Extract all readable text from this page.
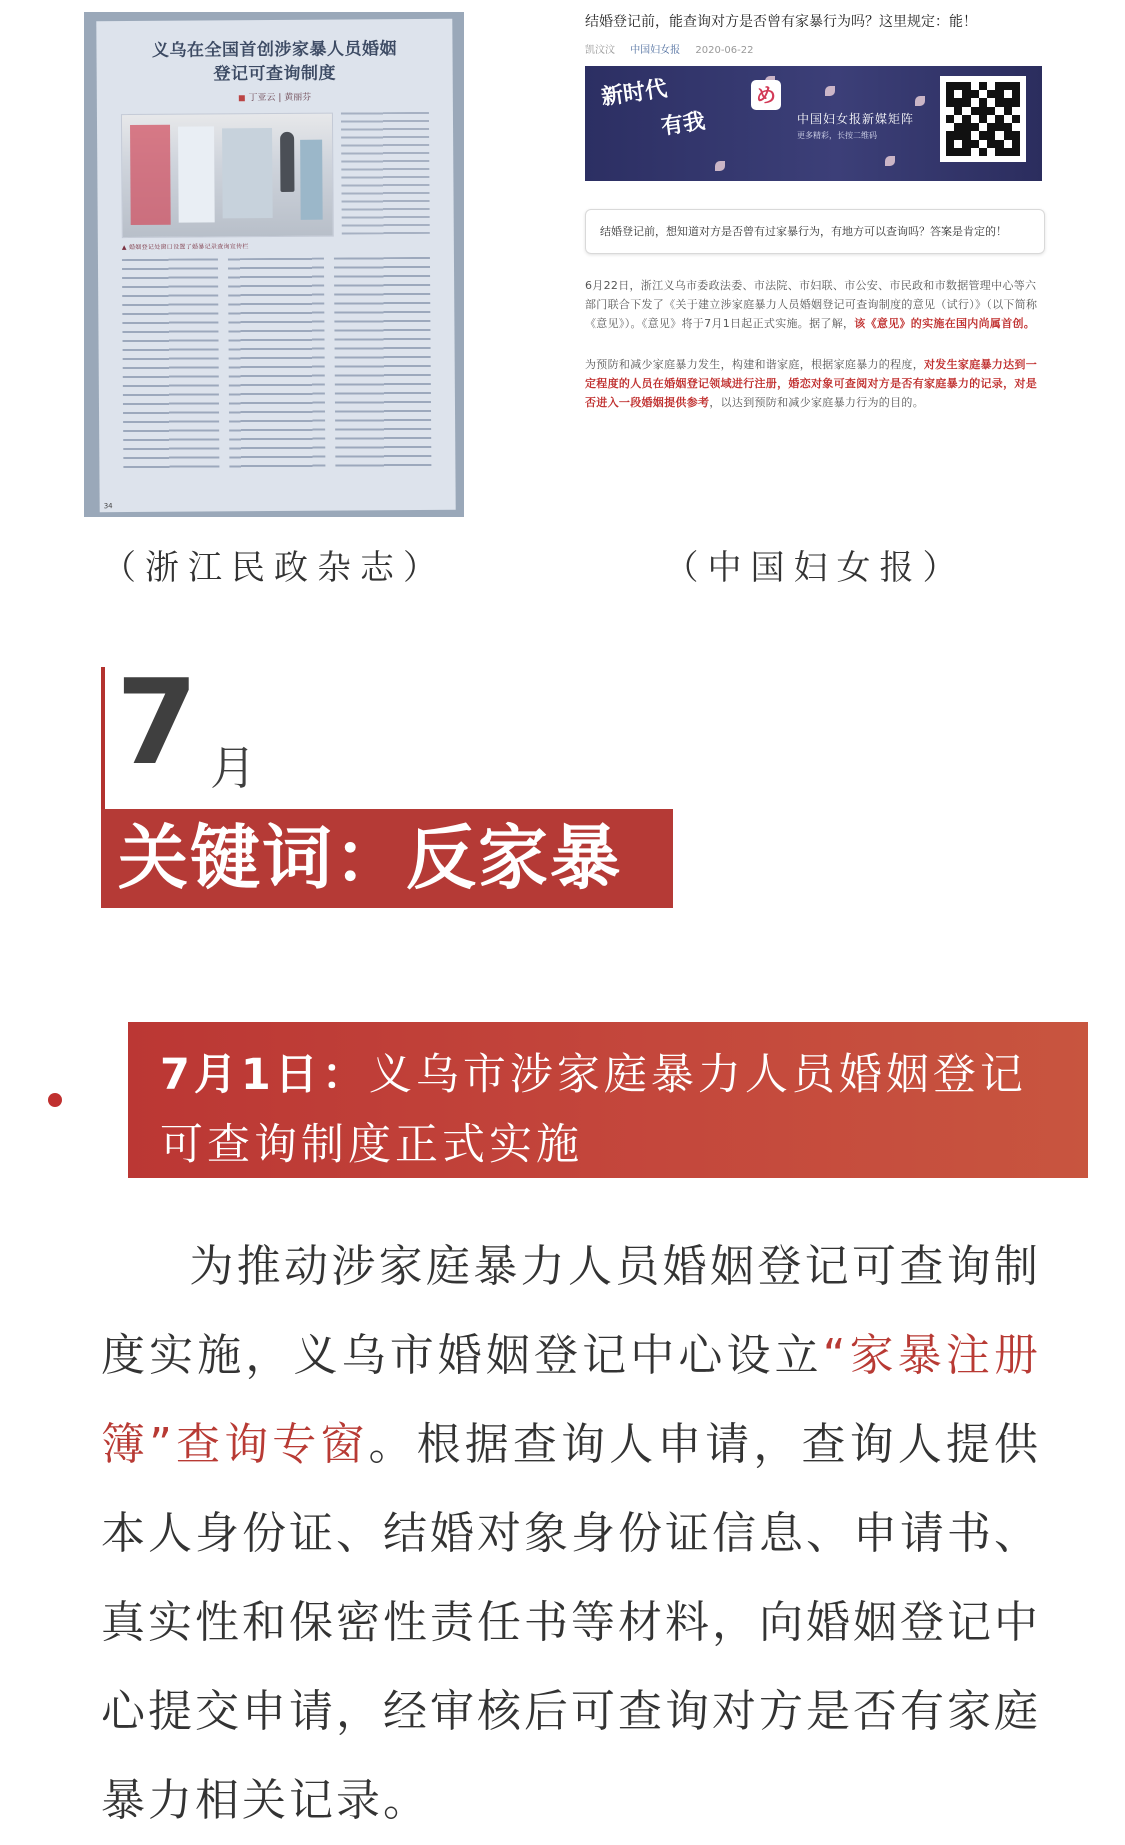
义乌在全国首创涉家暴人员婚姻
登记可查询制度
丁亚云 | 黄丽芬
▲ 婚姻登记处窗口设置了婚暴记录查询宣传栏
34
（浙江民政杂志）
结婚登记前，能查询对方是否曾有家暴行为吗？这里规定：能！
凯汶汶 中国妇女报 2020-06-22
新时代
有我
め
中国妇女报新媒矩阵
更多精彩，长按二维码
结婚登记前，想知道对方是否曾有过家暴行为，有地方可以查询吗？答案是肯定的！
6月22日，浙江义乌市委政法委、市法院、市妇联、市公安、市民政和市数据管理中心等六部门联合下发了《关于建立涉家庭暴力人员婚姻登记可查询制度的意见（试行）》（以下简称《意见》）。《意见》将于7月1日起正式实施。据了解，该《意见》的实施在国内尚属首创。
为预防和减少家庭暴力发生，构建和谐家庭，根据家庭暴力的程度，对发生家庭暴力达到一定程度的人员在婚姻登记领域进行注册，婚恋对象可查阅对方是否有家庭暴力的记录，对是否进入一段婚姻提供参考，以达到预防和减少家庭暴力行为的目的。
（中国妇女报）
7 月
关键词：反家暴
7月1日：义乌市涉家庭暴力人员婚姻登记可查询制度正式实施
为推动涉家庭暴力人员婚姻登记可查询制度实施，义乌市婚姻登记中心设立“家暴注册簿”查询专窗。根据查询人申请，查询人提供本人身份证、结婚对象身份证信息、申请书、真实性和保密性责任书等材料，向婚姻登记中心提交申请，经审核后可查询对方是否有家庭暴力相关记录。
